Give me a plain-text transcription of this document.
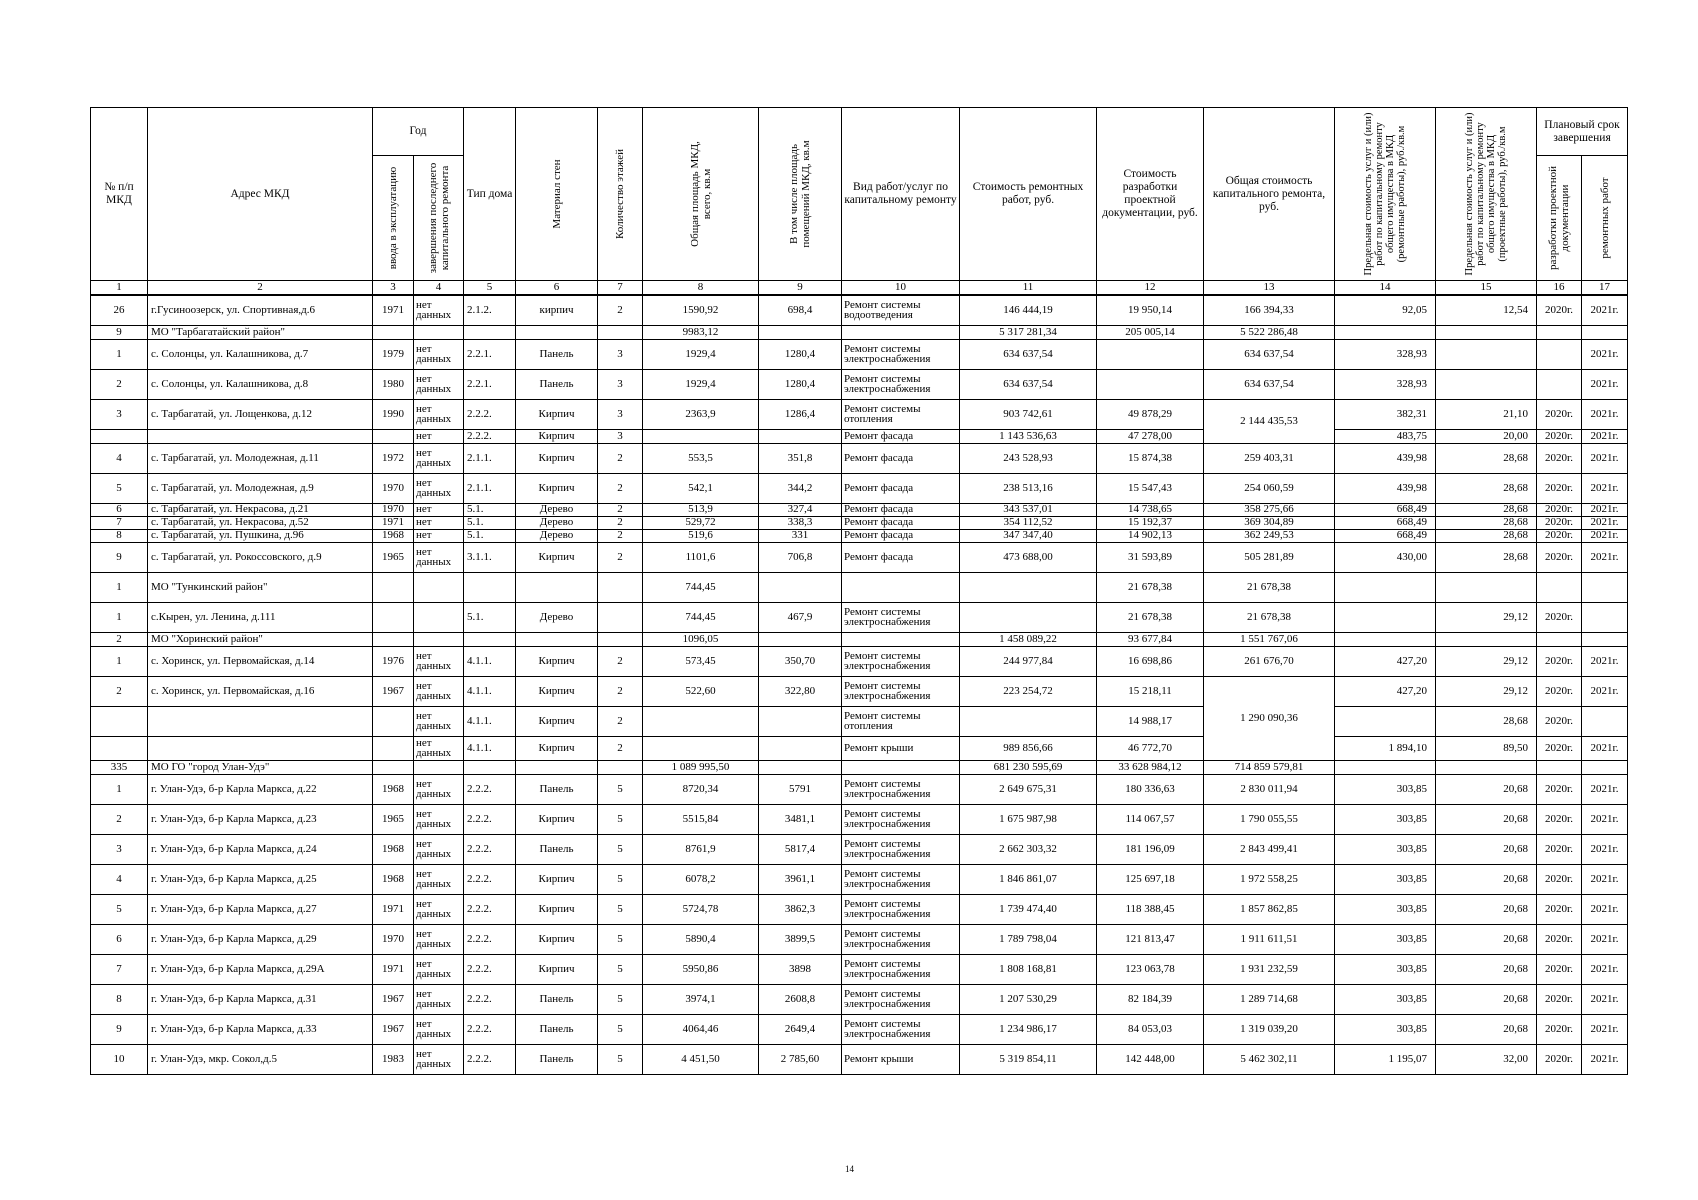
№ п/п МКД	Адрес МКД	Год		Тип дома	Материал стен	Количество этажей	Общая площадь МКД, всего, кв.м	В том числе площадь помещений МКД, кв.м	Вид работ/услуг по капитальному ремонту	Стоимость ремонтных работ, руб.	Стоимость разработки проектной документации, руб.	Общая стоимость капитального ремонта, руб.	Предельная стоимость услуг и (или) работ по капитальному ремонту общего имущества в МКД (ремонтные работы), руб./кв.м	Предельная стоимость услуг и (или) работ по капитальному ремонту общего имущества в МКД (проектные работы), руб./кв.м	Плановый срок завершения	

		ввода в эксплуатацию	завершения последнего капитального ремонта												разработки проектной документации	ремонтных работ

1	2	3	4	5	6	7	8	9	10	11	12	13	14	15	16	17
26	г.Гусиноозерск, ул. Спортивная,д.6	1971	нет данных	2.1.2.	кирпич	2	1590,92	698,4	Ремонт системы водоотведения	146 444,19	19 950,14	166 394,33	92,05	12,54	2020г.	2021г.
9	МО "Тарбагатайский район"						9983,12			5 317 281,34	205 005,14	5 522 286,48				
1	с. Солонцы, ул. Калашникова, д.7	1979	нет данных	2.2.1.	Панель	3	1929,4	1280,4	Ремонт системы электроснабжения	634 637,54		634 637,54	328,93			2021г.
2	с. Солонцы, ул. Калашникова, д.8	1980	нет данных	2.2.1.	Панель	3	1929,4	1280,4	Ремонт системы электроснабжения	634 637,54		634 637,54	328,93			2021г.
3	с. Тарбагатай, ул. Лощенкова, д.12	1990	нет данных	2.2.2.	Кирпич	3	2363,9	1286,4	Ремонт системы отопления	903 742,61	49 878,29	2 144 435,53	382,31	21,10	2020г.	2021г.
			нет	2.2.2.	Кирпич	3			Ремонт фасада	1 143 536,63	47 278,00		483,75	20,00	2020г.	2021г.
4	с. Тарбагатай, ул. Молодежная, д.11	1972	нет данных	2.1.1.	Кирпич	2	553,5	351,8	Ремонт фасада	243 528,93	15 874,38	259 403,31	439,98	28,68	2020г.	2021г.
5	с. Тарбагатай, ул. Молодежная, д.9	1970	нет данных	2.1.1.	Кирпич	2	542,1	344,2	Ремонт фасада	238 513,16	15 547,43	254 060,59	439,98	28,68	2020г.	2021г.
6	с. Тарбагатай, ул. Некрасова, д.21	1970	нет	5.1.	Дерево	2	513,9	327,4	Ремонт фасада	343 537,01	14 738,65	358 275,66	668,49	28,68	2020г.	2021г.
7	с. Тарбагатай, ул. Некрасова, д.52	1971	нет	5.1.	Дерево	2	529,72	338,3	Ремонт фасада	354 112,52	15 192,37	369 304,89	668,49	28,68	2020г.	2021г.
8	с. Тарбагатай, ул. Пушкина, д.96	1968	нет	5.1.	Дерево	2	519,6	331	Ремонт фасада	347 347,40	14 902,13	362 249,53	668,49	28,68	2020г.	2021г.
9	с. Тарбагатай, ул. Рокоссовского, д.9	1965	нет данных	3.1.1.	Кирпич	2	1101,6	706,8	Ремонт фасада	473 688,00	31 593,89	505 281,89	430,00	28,68	2020г.	2021г.
1	МО "Тункинский район"						744,45				21 678,38	21 678,38				
1	с.Кырен, ул. Ленина, д.111			5.1.	Дерево		744,45	467,9	Ремонт системы электроснабжения		21 678,38	21 678,38		29,12	2020г.	
2	МО "Хоринский район"						1096,05			1 458 089,22	93 677,84	1 551 767,06				
1	с. Хоринск, ул. Первомайская, д.14	1976	нет данных	4.1.1.	Кирпич	2	573,45	350,70	Ремонт системы электроснабжения	244 977,84	16 698,86	261 676,70	427,20	29,12	2020г.	2021г.
2	с. Хоринск, ул. Первомайская, д.16	1967	нет данных	4.1.1.	Кирпич	2	522,60	322,80	Ремонт системы электроснабжения	223 254,72	15 218,11	1 290 090,36	427,20	29,12	2020г.	2021г.
			нет данных	4.1.1.	Кирпич	2			Ремонт системы отопления		14 988,17			28,68	2020г.	
			нет данных	4.1.1.	Кирпич	2			Ремонт крыши	989 856,66	46 772,70		1 894,10	89,50	2020г.	2021г.
335	МО ГО "город Улан-Удэ"						1 089 995,50			681 230 595,69	33 628 984,12	714 859 579,81				
1	г. Улан-Удэ, б-р Карла Маркса, д.22	1968	нет данных	2.2.2.	Панель	5	8720,34	5791	Ремонт системы электроснабжения	2 649 675,31	180 336,63	2 830 011,94	303,85	20,68	2020г.	2021г.
2	г. Улан-Удэ, б-р Карла Маркса, д.23	1965	нет данных	2.2.2.	Кирпич	5	5515,84	3481,1	Ремонт системы электроснабжения	1 675 987,98	114 067,57	1 790 055,55	303,85	20,68	2020г.	2021г.
3	г. Улан-Удэ, б-р Карла Маркса, д.24	1968	нет данных	2.2.2.	Панель	5	8761,9	5817,4	Ремонт системы электроснабжения	2 662 303,32	181 196,09	2 843 499,41	303,85	20,68	2020г.	2021г.
4	г. Улан-Удэ, б-р Карла Маркса, д.25	1968	нет данных	2.2.2.	Кирпич	5	6078,2	3961,1	Ремонт системы электроснабжения	1 846 861,07	125 697,18	1 972 558,25	303,85	20,68	2020г.	2021г.
5	г. Улан-Удэ, б-р Карла Маркса, д.27	1971	нет данных	2.2.2.	Кирпич	5	5724,78	3862,3	Ремонт системы электроснабжения	1 739 474,40	118 388,45	1 857 862,85	303,85	20,68	2020г.	2021г.
6	г. Улан-Удэ, б-р Карла Маркса, д.29	1970	нет данных	2.2.2.	Кирпич	5	5890,4	3899,5	Ремонт системы электроснабжения	1 789 798,04	121 813,47	1 911 611,51	303,85	20,68	2020г.	2021г.
7	г. Улан-Удэ, б-р Карла Маркса, д.29А	1971	нет данных	2.2.2.	Кирпич	5	5950,86	3898	Ремонт системы электроснабжения	1 808 168,81	123 063,78	1 931 232,59	303,85	20,68	2020г.	2021г.
8	г. Улан-Удэ, б-р Карла Маркса, д.31	1967	нет данных	2.2.2.	Панель	5	3974,1	2608,8	Ремонт системы электроснабжения	1 207 530,29	82 184,39	1 289 714,68	303,85	20,68	2020г.	2021г.
9	г. Улан-Удэ, б-р Карла Маркса, д.33	1967	нет данных	2.2.2.	Панель	5	4064,46	2649,4	Ремонт системы электроснабжения	1 234 986,17	84 053,03	1 319 039,20	303,85	20,68	2020г.	2021г.
10	г. Улан-Удэ, мкр. Сокол,д.5	1983	нет данных	2.2.2.	Панель	5	4 451,50	2 785,60	Ремонт крыши	5 319 854,11	142 448,00	5 462 302,11	1 195,07	32,00	2020г.	2021г.
14
